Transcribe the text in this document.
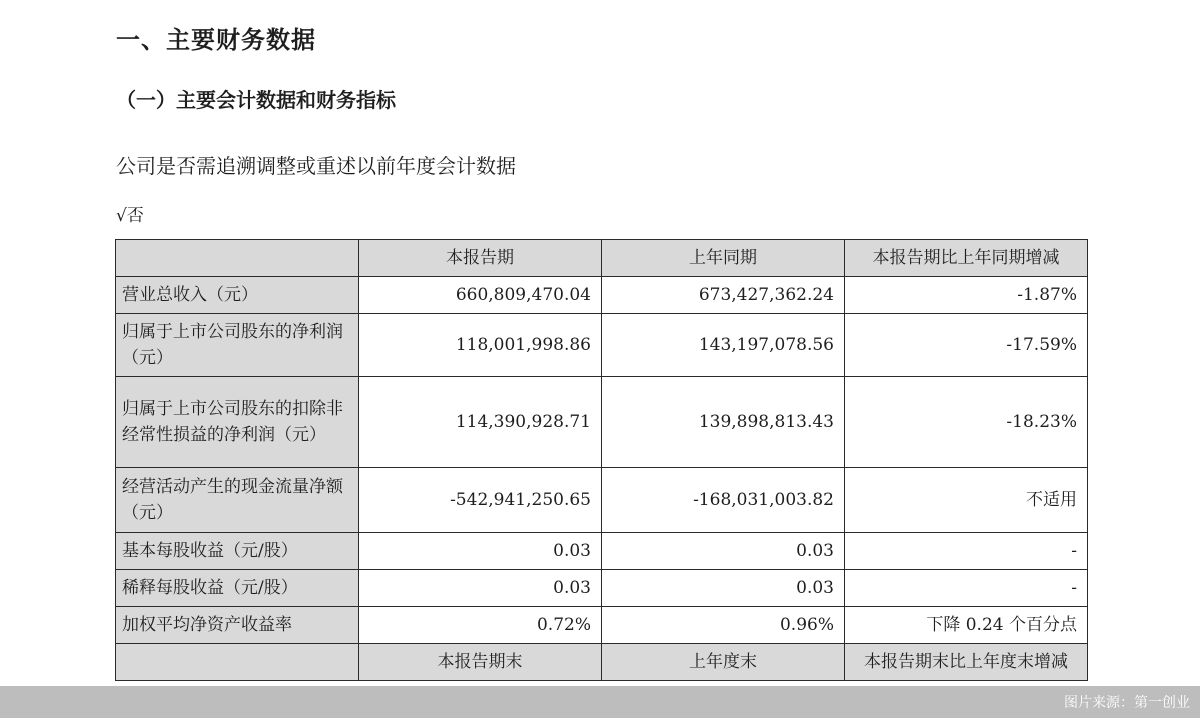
一、主要财务数据
（一）主要会计数据和财务指标
公司是否需追溯调整或重述以前年度会计数据
√否
	本报告期	上年同期	本报告期比上年同期增减
营业总收入（元）	660,809,470.04	673,427,362.24	-1.87%
归属于上市公司股东的净利润（元）	118,001,998.86	143,197,078.56	-17.59%
归属于上市公司股东的扣除非经常性损益的净利润（元）	114,390,928.71	139,898,813.43	-18.23%
经营活动产生的现金流量净额（元）	-542,941,250.65	-168,031,003.82	不适用
基本每股收益（元/股）	0.03	0.03	-
稀释每股收益（元/股）	0.03	0.03	-
加权平均净资产收益率	0.72%	0.96%	下降 0.24 个百分点
	本报告期末	上年度末	本报告期末比上年度末增减
图片来源：第一创业
